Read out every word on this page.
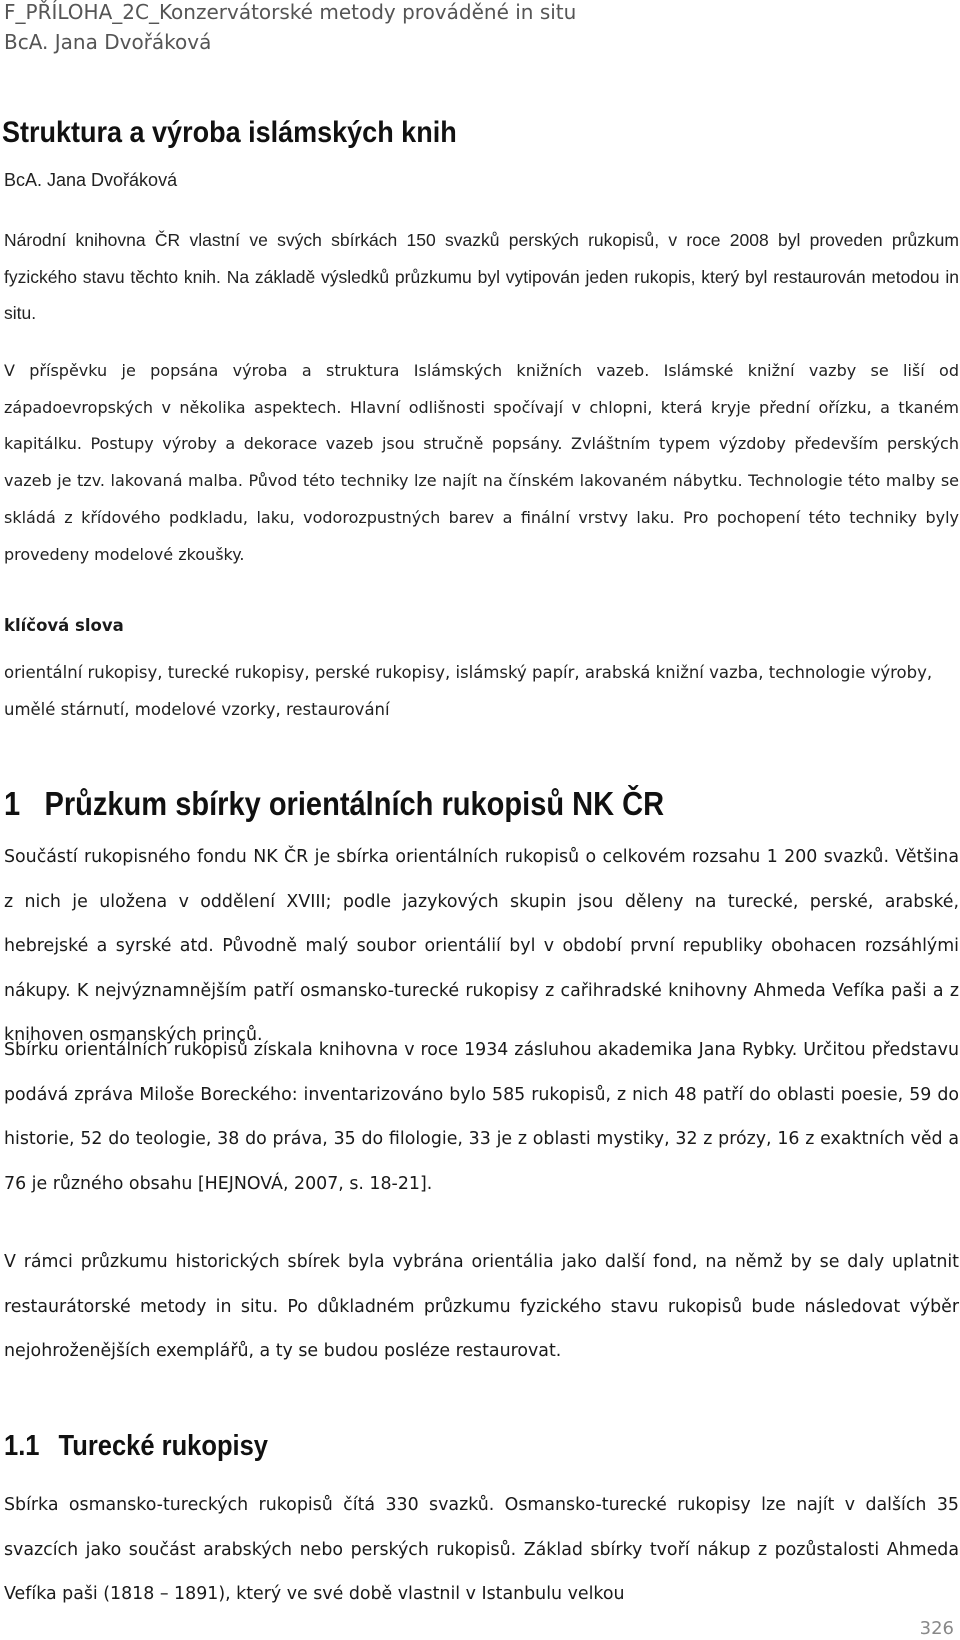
F_PŘÍLOHA_2C_Konzervátorské metody prováděné in situ
BcA. Jana Dvořáková
Struktura a výroba islámských knih
BcA. Jana Dvořáková

Národní knihovna ČR vlastní ve svých sbírkách 150 svazků perských rukopisů, v roce 2008 byl proveden průzkum fyzického stavu těchto knih. Na základě výsledků průzkumu byl vytipován jeden rukopis, který byl restaurován metodou in situ.

V příspěvku je popsána výroba a struktura Islámských knižních vazeb. Islámské knižní vazby se liší od západoevropských v několika aspektech. Hlavní odlišnosti spočívají v chlopni, která kryje přední ořízku, a tkaném kapitálku. Postupy výroby a dekorace vazeb jsou stručně popsány. Zvláštním typem výzdoby především perských vazeb je tzv. lakovaná malba. Původ této techniky lze najít na čínském lakovaném nábytku. Technologie této malby se skládá z křídového podkladu, laku, vodorozpustných barev a finální vrstvy laku. Pro pochopení této techniky byly provedeny modelové zkoušky.

klíčová slova

orientální rukopisy, turecké rukopisy, perské rukopisy, islámský papír, arabská knižní vazba, technologie výroby, umělé stárnutí, modelové vzorky, restaurování

1 Průzkum sbírky orientálních rukopisů NK ČR

Součástí rukopisného fondu NK ČR je sbírka orientálních rukopisů o celkovém rozsahu 1 200 svazků. Většina z nich je uložena v oddělení XVIII; podle jazykových skupin jsou děleny na turecké, perské, arabské, hebrejské a syrské atd. Původně malý soubor orientálií byl v období první republiky obohacen rozsáhlými nákupy. K nejvýznamnějším patří osmansko-turecké rukopisy z cařihradské knihovny Ahmeda Vefíka paši a z knihoven osmanských princů.

Sbírku orientálních rukopisů získala knihovna v roce 1934 zásluhou akademika Jana Rybky. Určitou představu podává zpráva Miloše Boreckého: inventarizováno bylo 585 rukopisů, z nich 48 patří do oblasti poesie, 59 do historie, 52 do teologie, 38 do práva, 35 do filologie, 33 je z oblasti mystiky, 32 z prózy, 16 z exaktních věd a 76 je různého obsahu [HEJNOVÁ, 2007, s. 18-21].

V rámci průzkumu historických sbírek byla vybrána orientália jako další fond, na němž by se daly uplatnit restaurátorské metody in situ. Po důkladném průzkumu fyzického stavu rukopisů bude následovat výběr nejohroženějších exemplářů, a ty se budou posléze restaurovat.

1.1 Turecké rukopisy

Sbírka osmansko-tureckých rukopisů čítá 330 svazků. Osmansko-turecké rukopisy lze najít v dalších 35 svazcích jako součást arabských nebo perských rukopisů. Základ sbírky tvoří nákup z pozůstalosti Ahmeda Vefíka paši (1818 – 1891), který ve své době vlastnil v Istanbulu velkou

326
